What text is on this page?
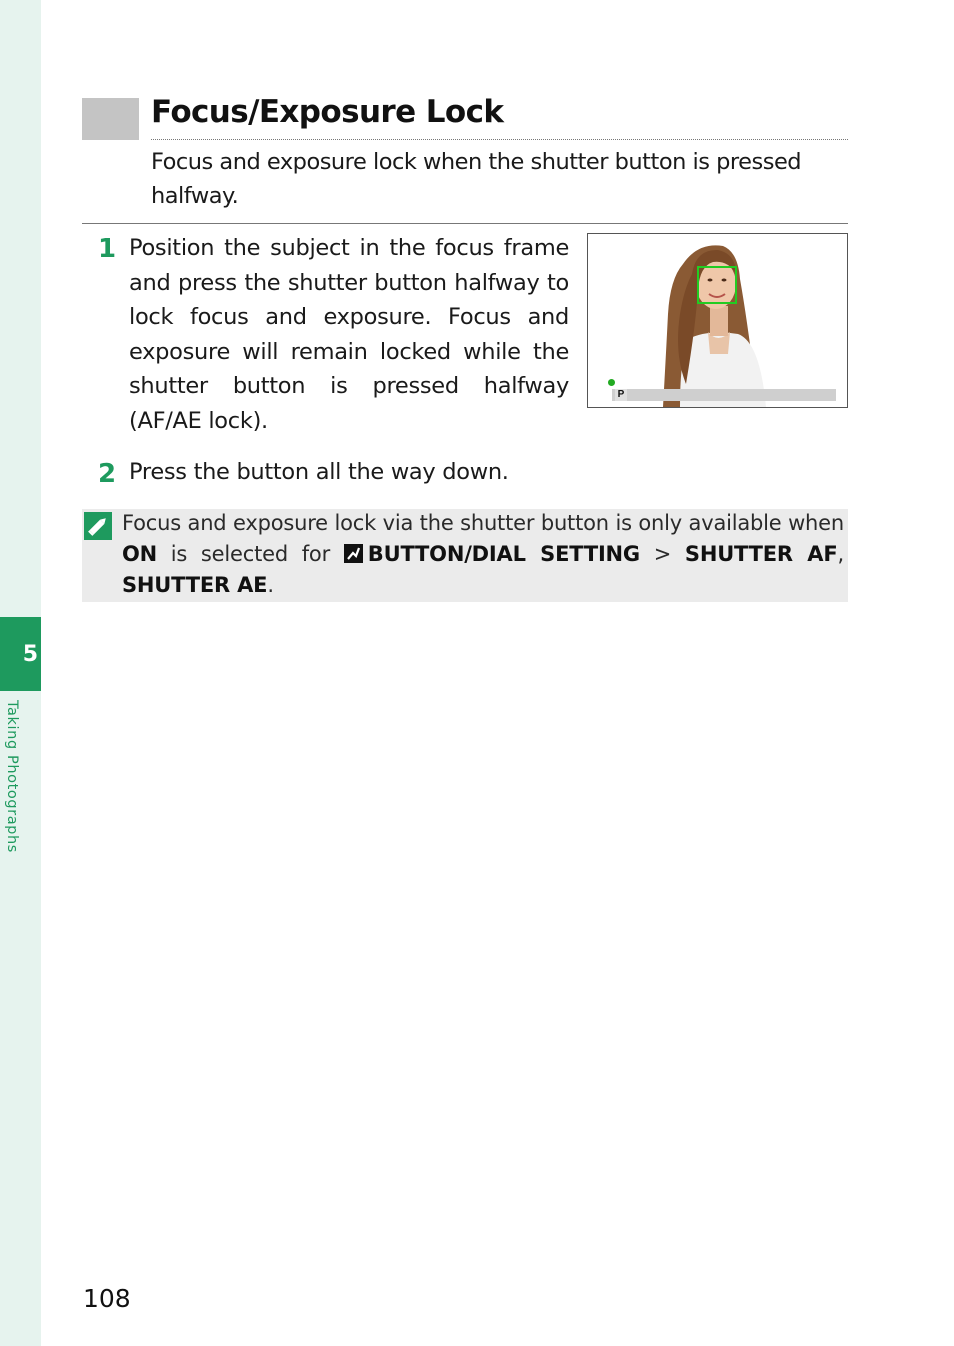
5
Taking Photographs
Focus/Exposure Lock
Focus and exposure lock when the shutter button is pressed halfway.
1 Position the subject in the focus frame and press the shutter button halfway to lock focus and exposure. Focus and exposure will remain locked while the shutter button is pressed halfway (AF/AE lock).
P
2 Press the button all the way down.
Focus and exposure lock via the shutter button is only available when ON is selected for
BUTTON/DIAL SETTING > SHUTTER AF, SHUTTER AE.
108
